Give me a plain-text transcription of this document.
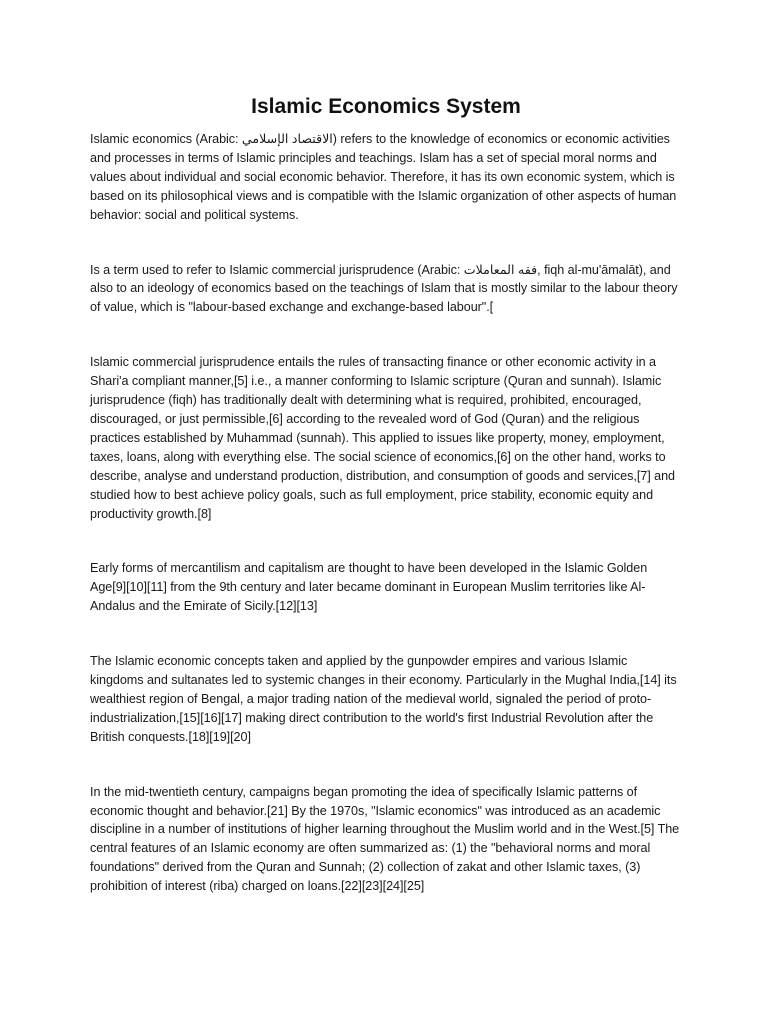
Islamic Economics System

Islamic economics (Arabic: الاقتصاد الإسلامي) refers to the knowledge of economics or economic activities and processes in terms of Islamic principles and teachings. Islam has a set of special moral norms and values about individual and social economic behavior. Therefore, it has its own economic system, which is based on its philosophical views and is compatible with the Islamic organization of other aspects of human behavior: social and political systems.

Is a term used to refer to Islamic commercial jurisprudence (Arabic: فقه المعاملات, fiqh al-mu'āmalāt), and also to an ideology of economics based on the teachings of Islam that is mostly similar to the labour theory of value, which is "labour-based exchange and exchange-based labour".[

Islamic commercial jurisprudence entails the rules of transacting finance or other economic activity in a Shari'a compliant manner,[5] i.e., a manner conforming to Islamic scripture (Quran and sunnah). Islamic jurisprudence (fiqh) has traditionally dealt with determining what is required, prohibited, encouraged, discouraged, or just permissible,[6] according to the revealed word of God (Quran) and the religious practices established by Muhammad (sunnah). This applied to issues like property, money, employment, taxes, loans, along with everything else. The social science of economics,[6] on the other hand, works to describe, analyse and understand production, distribution, and consumption of goods and services,[7] and studied how to best achieve policy goals, such as full employment, price stability, economic equity and productivity growth.[8]

Early forms of mercantilism and capitalism are thought to have been developed in the Islamic Golden Age[9][10][11] from the 9th century and later became dominant in European Muslim territories like Al-Andalus and the Emirate of Sicily.[12][13]

The Islamic economic concepts taken and applied by the gunpowder empires and various Islamic kingdoms and sultanates led to systemic changes in their economy. Particularly in the Mughal India,[14] its wealthiest region of Bengal, a major trading nation of the medieval world, signaled the period of proto-industrialization,[15][16][17] making direct contribution to the world's first Industrial Revolution after the British conquests.[18][19][20]

In the mid-twentieth century, campaigns began promoting the idea of specifically Islamic patterns of economic thought and behavior.[21] By the 1970s, "Islamic economics" was introduced as an academic discipline in a number of institutions of higher learning throughout the Muslim world and in the West.[5] The central features of an Islamic economy are often summarized as: (1) the "behavioral norms and moral foundations" derived from the Quran and Sunnah; (2) collection of zakat and other Islamic taxes, (3) prohibition of interest (riba) charged on loans.[22][23][24][25]
